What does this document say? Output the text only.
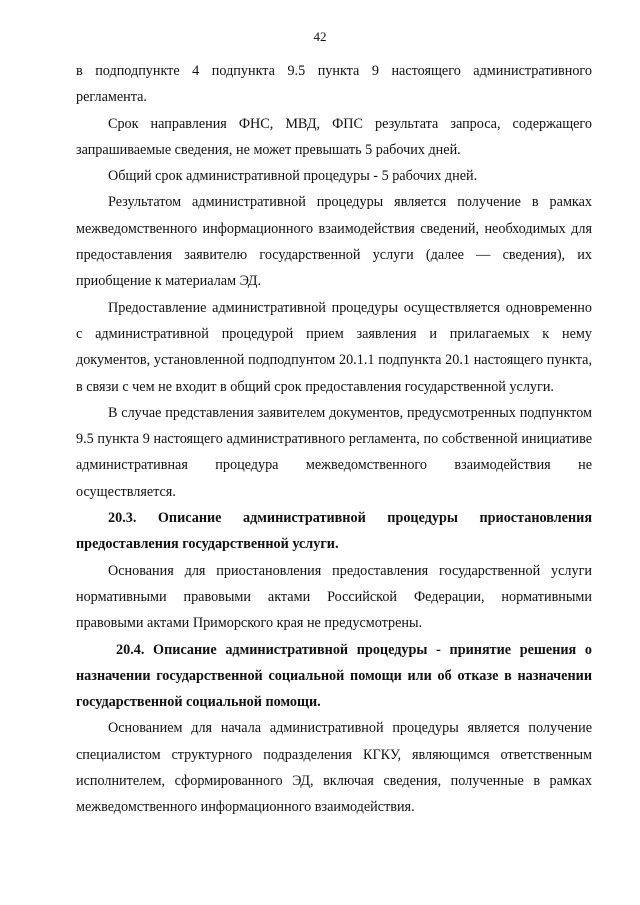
42

в подподпункте 4 подпункта 9.5 пункта 9 настоящего административного регламента.

Срок направления ФНС, МВД, ФПС результата запроса, содержащего запрашиваемые сведения, не может превышать 5 рабочих дней.

Общий срок административной процедуры - 5 рабочих дней.

Результатом административной процедуры является получение в рамках межведомственного информационного взаимодействия сведений, необходимых для предоставления заявителю государственной услуги (далее — сведения), их приобщение к материалам ЭД.

Предоставление административной процедуры осуществляется одновременно с административной процедурой прием заявления и прилагаемых к нему документов, установленной подподпунтом 20.1.1 подпункта 20.1 настоящего пункта, в связи с чем не входит в общий срок предоставления государственной услуги.

В случае представления заявителем документов, предусмотренных подпунктом 9.5 пункта 9 настоящего административного регламента, по собственной инициативе административная процедура межведомственного взаимодействия не осуществляется.

20.3. Описание административной процедуры приостановления предоставления государственной услуги.

Основания для приостановления предоставления государственной услуги нормативными правовыми актами Российской Федерации, нормативными правовыми актами Приморского края не предусмотрены.

20.4. Описание административной процедуры - принятие решения о назначении государственной социальной помощи или об отказе в назначении государственной социальной помощи.

Основанием для начала административной процедуры является получение специалистом структурного подразделения КГКУ, являющимся ответственным исполнителем, сформированного ЭД, включая сведения, полученные в рамках межведомственного информационного взаимодействия.
